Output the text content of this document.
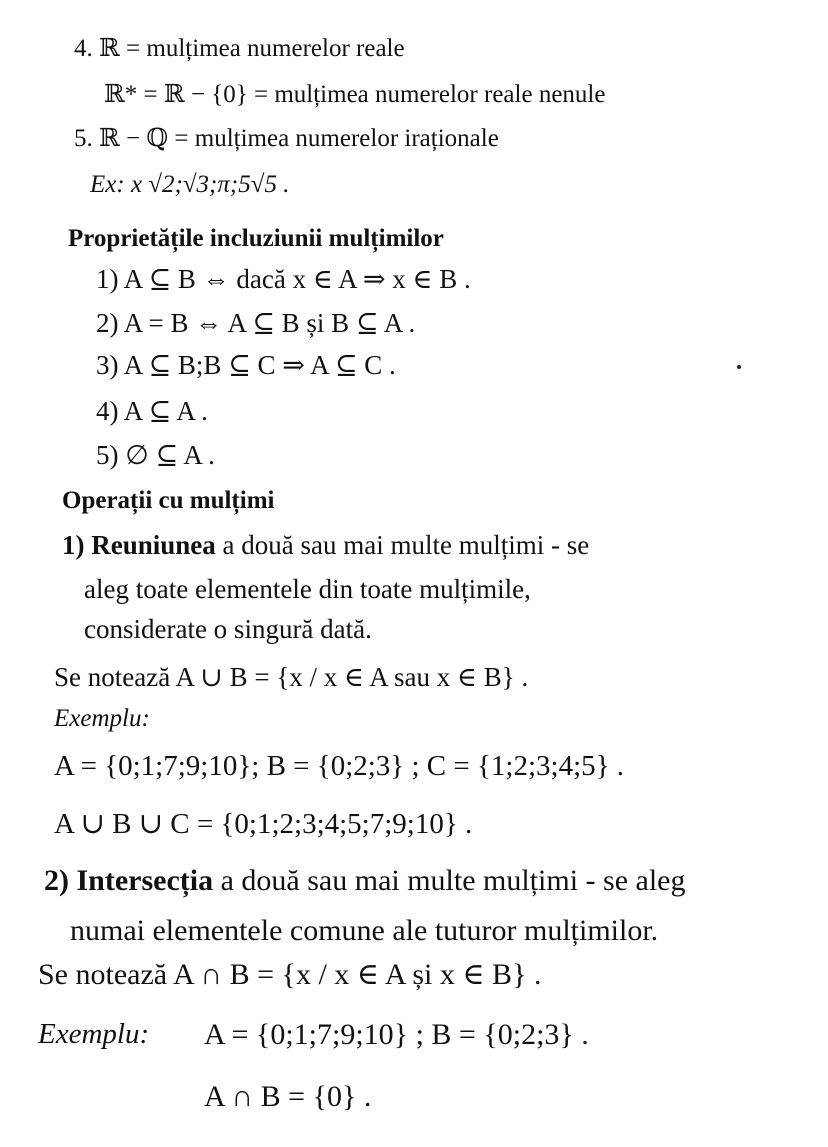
4. ℝ = mulțimea numerelor reale
ℝ* = ℝ − {0} = mulțimea numerelor reale nenule
5. ℝ − ℚ = mulțimea numerelor iraționale
Ex: x √2;√3;π;5√5 .
Proprietățile incluziunii mulțimilor
1) A ⊆ B ⇔ dacă x ∈ A ⇒ x ∈ B .
2) A = B ⇔ A ⊆ B și B ⊆ A .
3) A ⊆ B;B ⊆ C ⇒ A ⊆ C .
4) A ⊆ A .
5) ∅ ⊆ A .
Operații cu mulțimi
1) Reuniunea a două sau mai multe mulțimi - se
aleg toate elementele din toate mulțimile,
considerate o singură dată.
Se notează A ∪ B = {x / x ∈ A sau x ∈ B} .
Exemplu:
A = {0;1;7;9;10}; B = {0;2;3} ; C = {1;2;3;4;5} .
A ∪ B ∪ C = {0;1;2;3;4;5;7;9;10} .
2) Intersecția a două sau mai multe mulțimi - se aleg
numai elementele comune ale tuturor mulțimilor.
Se notează A ∩ B = {x / x ∈ A și x ∈ B} .
Exemplu: A = {0;1;7;9;10} ; B = {0;2;3} .
A ∩ B = {0} .
